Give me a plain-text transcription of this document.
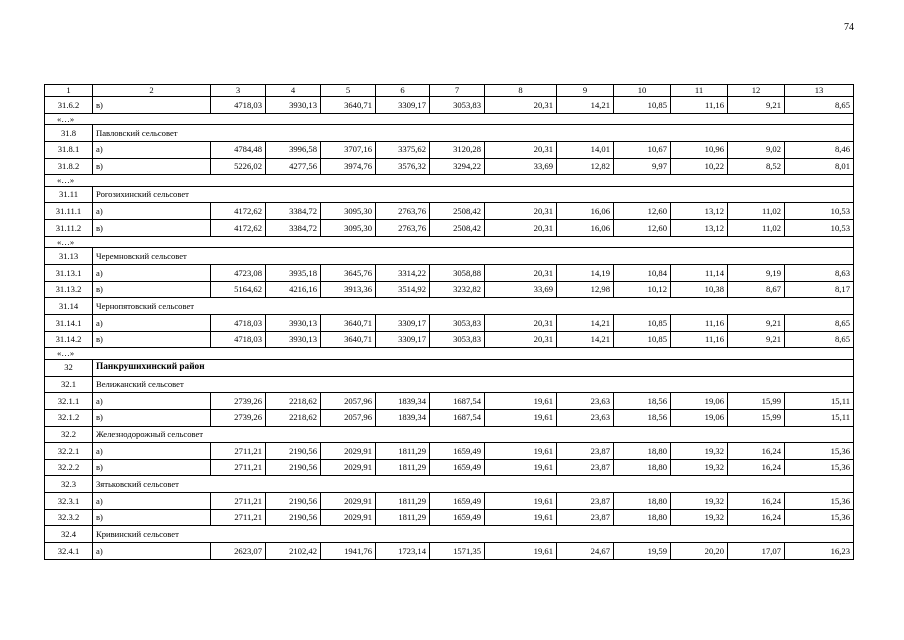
74
1	2	3	4	5	6	7	8	9	10	11	12	13
31.6.2	в)	4718,03	3930,13	3640,71	3309,17	3053,83	20,31	14,21	10,85	11,16	9,21	8,65
«…»												
31.8	Павловский сельсовет											
31.8.1	а)	4784,48	3996,58	3707,16	3375,62	3120,28	20,31	14,01	10,67	10,96	9,02	8,46
31.8.2	в)	5226,02	4277,56	3974,76	3576,32	3294,22	33,69	12,82	9,97	10,22	8,52	8,01
«…»												
31.11	Рогозихинский сельсовет											
31.11.1	а)	4172,62	3384,72	3095,30	2763,76	2508,42	20,31	16,06	12,60	13,12	11,02	10,53
31.11.2	в)	4172,62	3384,72	3095,30	2763,76	2508,42	20,31	16,06	12,60	13,12	11,02	10,53
«…»												
31.13	Черемновский сельсовет											
31.13.1	а)	4723,08	3935,18	3645,76	3314,22	3058,88	20,31	14,19	10,84	11,14	9,19	8,63
31.13.2	в)	5164,62	4216,16	3913,36	3514,92	3232,82	33,69	12,98	10,12	10,38	8,67	8,17
31.14	Чернопятовский сельсовет											
31.14.1	а)	4718,03	3930,13	3640,71	3309,17	3053,83	20,31	14,21	10,85	11,16	9,21	8,65
31.14.2	в)	4718,03	3930,13	3640,71	3309,17	3053,83	20,31	14,21	10,85	11,16	9,21	8,65
«…»												
32	Панкрушихинский район											
32.1	Велижанский сельсовет											
32.1.1	а)	2739,26	2218,62	2057,96	1839,34	1687,54	19,61	23,63	18,56	19,06	15,99	15,11
32.1.2	в)	2739,26	2218,62	2057,96	1839,34	1687,54	19,61	23,63	18,56	19,06	15,99	15,11
32.2	Железнодорожный сельсовет											
32.2.1	а)	2711,21	2190,56	2029,91	1811,29	1659,49	19,61	23,87	18,80	19,32	16,24	15,36
32.2.2	в)	2711,21	2190,56	2029,91	1811,29	1659,49	19,61	23,87	18,80	19,32	16,24	15,36
32.3	Зятьковский сельсовет											
32.3.1	а)	2711,21	2190,56	2029,91	1811,29	1659,49	19,61	23,87	18,80	19,32	16,24	15,36
32.3.2	в)	2711,21	2190,56	2029,91	1811,29	1659,49	19,61	23,87	18,80	19,32	16,24	15,36
32.4	Кривинский сельсовет											
32.4.1	а)	2623,07	2102,42	1941,76	1723,14	1571,35	19,61	24,67	19,59	20,20	17,07	16,23
